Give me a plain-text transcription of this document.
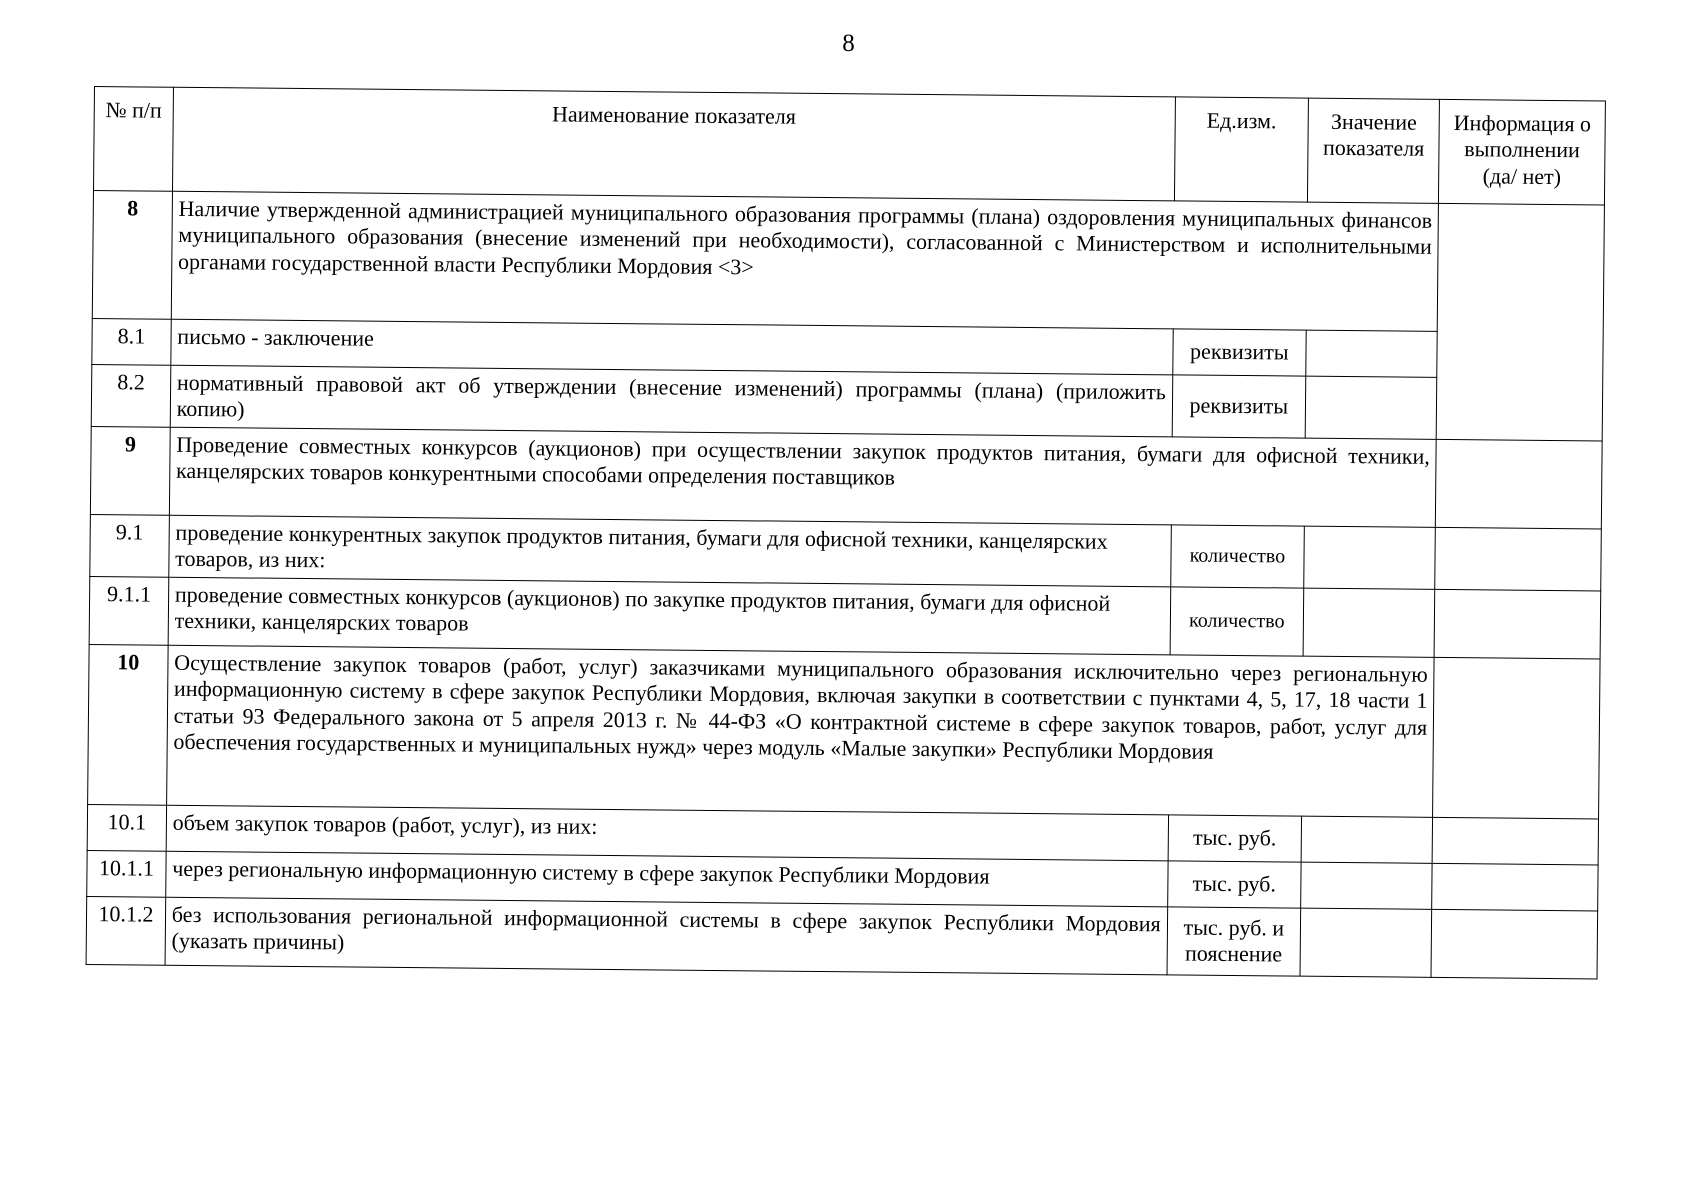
8
№ п/п	Наименование показателя	Ед.изм.	Значение показателя	Информация о выполнении (да/ нет)
8	Наличие утвержденной администрацией муниципального образования программы (плана) оздоровления муниципальных финансов муниципального образования (внесение изменений при необходимости), согласованной с Министерством и исполнительными органами государственной власти Республики Мордовия <3>			
8.1	письмо - заключение	реквизиты		
8.2	нормативный правовой акт об утверждении (внесение изменений) программы (плана) (приложить копию)	реквизиты		
9	Проведение совместных конкурсов (аукционов) при осуществлении закупок продуктов питания, бумаги для офисной техники, канцелярских товаров конкурентными способами определения поставщиков			
9.1	проведение конкурентных закупок продуктов питания, бумаги для офисной техники, канцелярских товаров, из них:	количество		
9.1.1	проведение совместных конкурсов (аукционов) по закупке продуктов питания, бумаги для офисной техники, канцелярских товаров	количество		
10	Осуществление закупок товаров (работ, услуг) заказчиками муниципального образования исключительно через региональную информационную систему в сфере закупок Республики Мордовия, включая закупки в соответствии с пунктами 4, 5, 17, 18 части 1 статьи 93 Федерального закона от 5 апреля 2013 г. № 44-ФЗ «О контрактной системе в сфере закупок товаров, работ, услуг для обеспечения государственных и муниципальных нужд» через модуль «Малые закупки» Республики Мордовия			
10.1	объем закупок товаров (работ, услуг), из них:	тыс. руб.		
10.1.1	через региональную информационную систему в сфере закупок Республики Мордовия	тыс. руб.		
10.1.2	без использования региональной информационной системы в сфере закупок Республики Мордовия (указать причины)	тыс. руб. и пояснение		
